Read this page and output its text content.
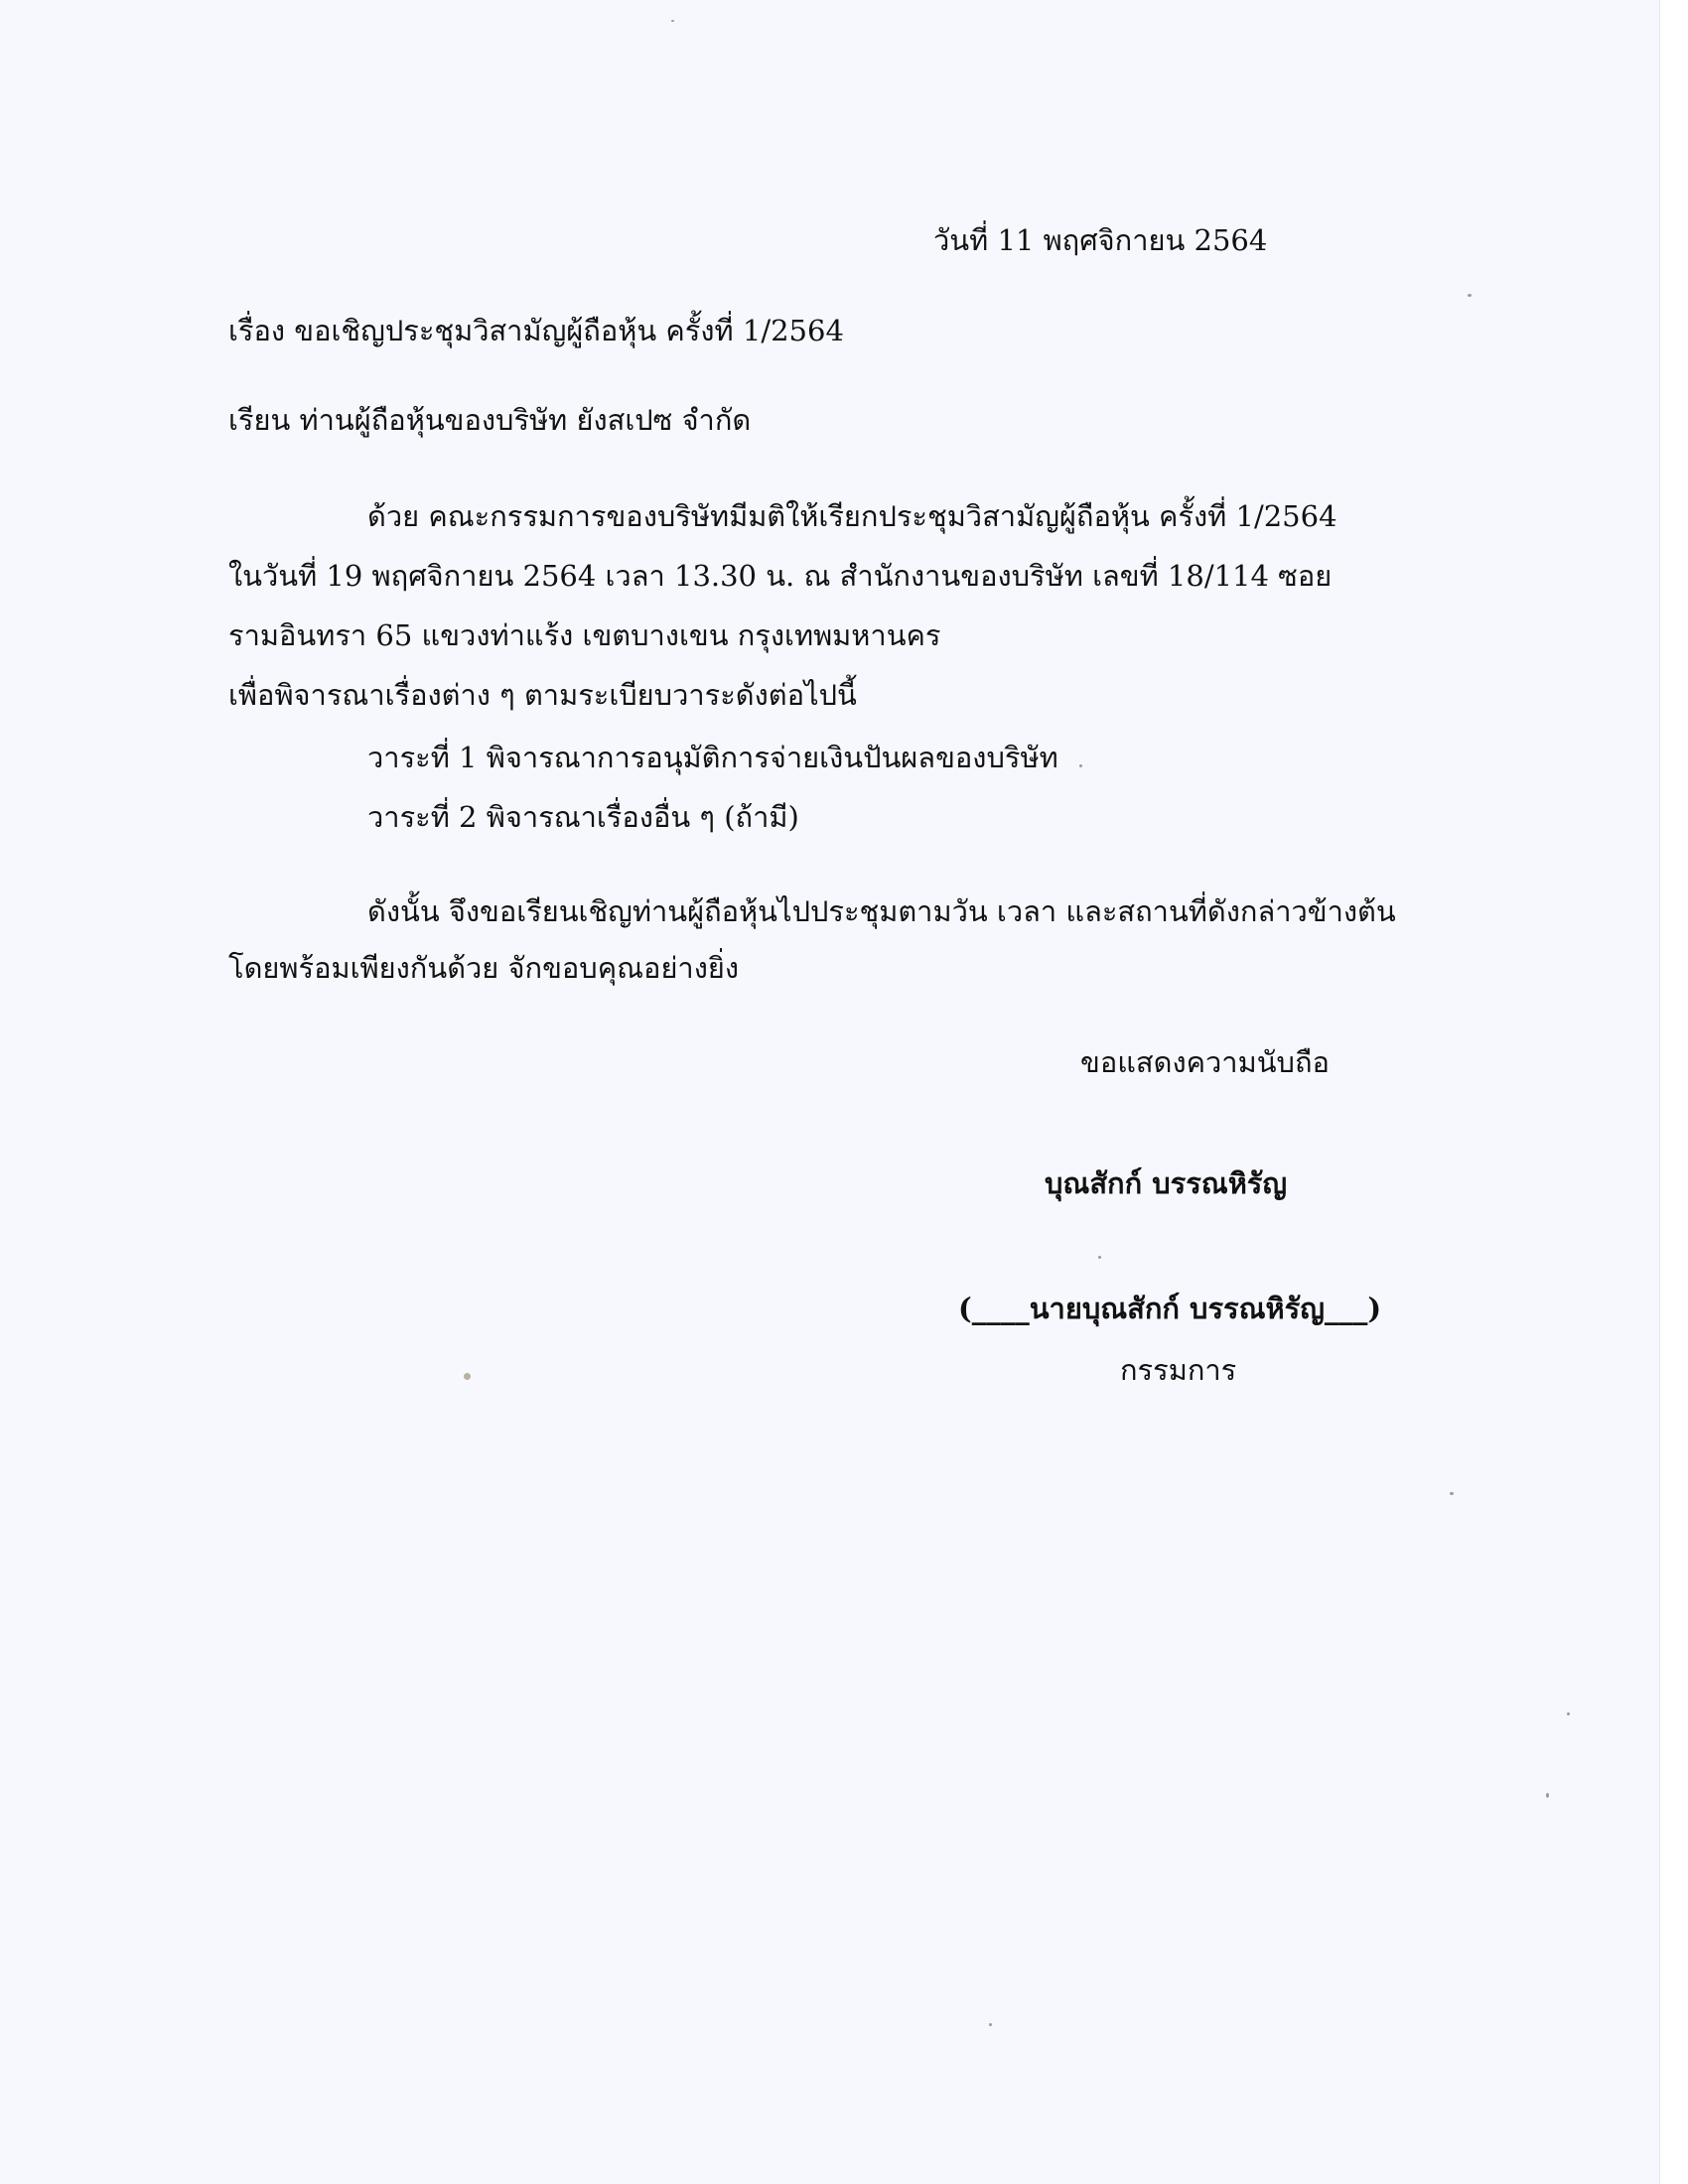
วันที่ 11 พฤศจิกายน 2564
เรื่อง ขอเชิญประชุมวิสามัญผู้ถือหุ้น ครั้งที่ 1/2564
เรียน ท่านผู้ถือหุ้นของบริษัท ยังสเปซ จำกัด
ด้วย คณะกรรมการของบริษัทมีมติให้เรียกประชุมวิสามัญผู้ถือหุ้น ครั้งที่ 1/2564
ในวันที่ 19 พฤศจิกายน 2564 เวลา 13.30 น. ณ สำนักงานของบริษัท เลขที่ 18/114 ซอย
รามอินทรา 65 แขวงท่าแร้ง เขตบางเขน กรุงเทพมหานคร
เพื่อพิจารณาเรื่องต่าง ๆ ตามระเบียบวาระดังต่อไปนี้
วาระที่ 1 พิจารณาการอนุมัติการจ่ายเงินปันผลของบริษัท
วาระที่ 2 พิจารณาเรื่องอื่น ๆ (ถ้ามี)
ดังนั้น จึงขอเรียนเชิญท่านผู้ถือหุ้นไปประชุมตามวัน เวลา และสถานที่ดังกล่าวข้างต้น
โดยพร้อมเพียงกันด้วย จักขอบคุณอย่างยิ่ง
ขอแสดงความนับถือ
บุณสักก์ บรรณหิรัญ
(____นายบุณสักก์ บรรณหิรัญ___)
กรรมการ
